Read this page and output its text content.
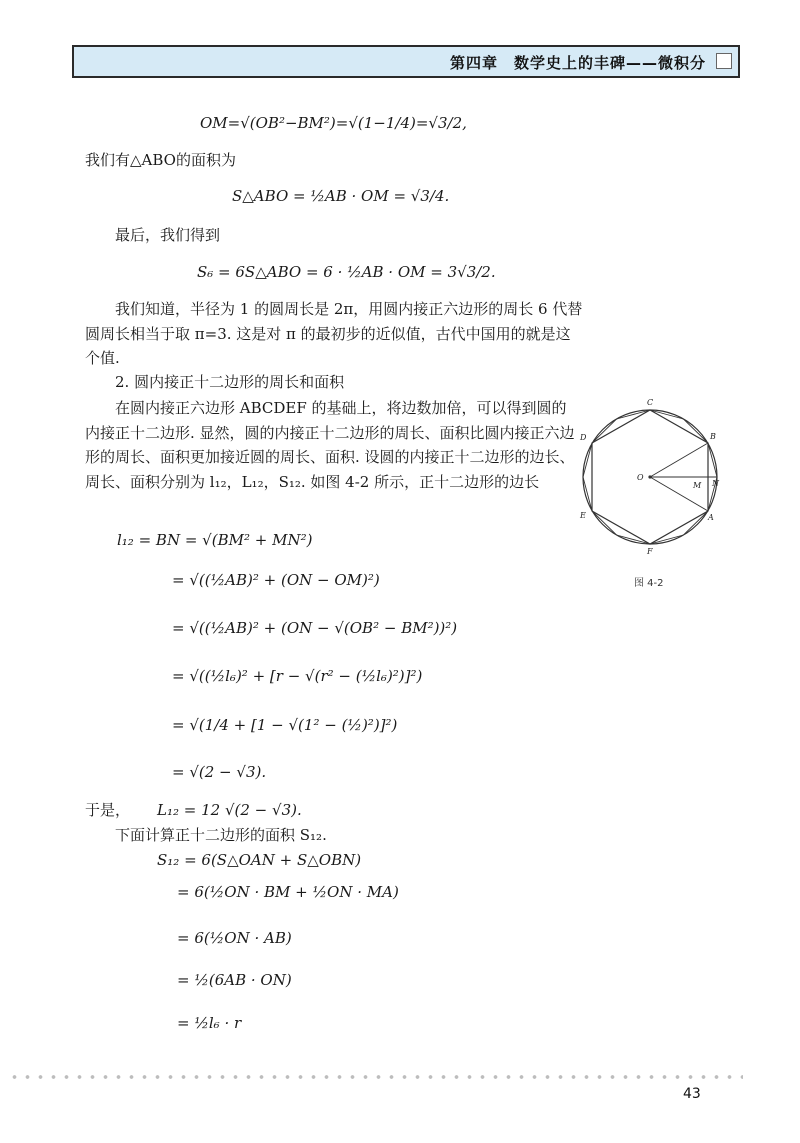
第四章　数学史上的丰碑——微积分
OM=√(OB²−BM²)=√(1−1/4)=√3/2,
我们有△ABO的面积为
S△ABO = ½AB · OM = √3/4.
最后，我们得到
S₆ = 6S△ABO = 6 · ½AB · OM = 3√3/2.

我们知道，半径为 1 的圆周长是 2π，用圆内接正六边形的周长 6 代替圆周长相当于取 π=3. 这是对 π 的最初步的近似值，古代中国用的就是这个值.

2. 圆内接正十二边形的周长和面积

在圆内接正六边形 ABCDEF 的基础上，将边数加倍，可以得到圆的内接正十二边形. 显然，圆的内接正十二边形的周长、面积比圆内接正六边形的周长、面积更加接近圆的周长、面积. 设圆的内接正十二边形的边长、周长、面积分别为 l₁₂，L₁₂，S₁₂. 如图 4-2 所示，正十二边形的边长

l₁₂ = BN = √(BM² + MN²)
= √((½AB)² + (ON − OM)²)
= √((½AB)² + (ON − √(OB² − BM²))²)
= √((½l₆)² + [r − √(r² − (½l₆)²)]²)
= √(1/4 + [1 − √(1² − (½)²)]²)
= √(2 − √3).
于是， L₁₂ = 12 √(2 − √3).
下面计算正十二边形的面积 S₁₂.
S₁₂ = 6(S△OAN + S△OBN)
= 6(½ON · BM + ½ON · MA)
= 6(½ON · AB)
= ½(6AB · ON)
= ½l₆ · r
C
B
D
O
N
M
E	A
F
图 4-2
43
